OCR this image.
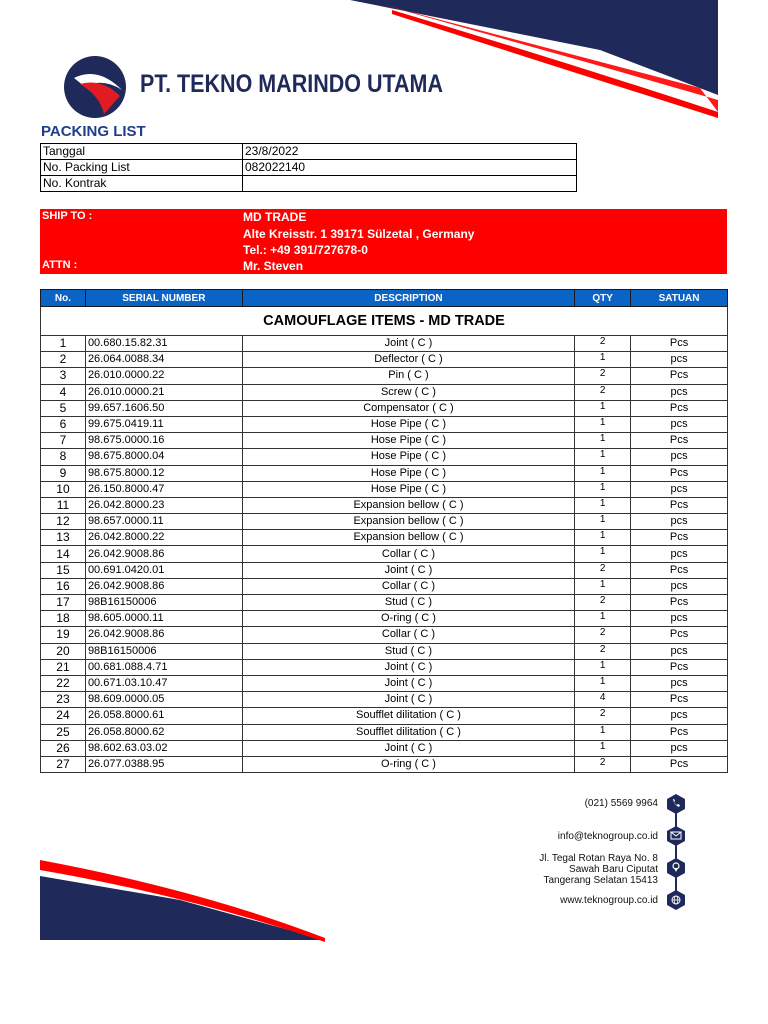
PT. TEKNO MARINDO UTAMA
PACKING LIST
Tanggal	23/8/2022
No. Packing List	082022140
No. Kontrak	
SHIP TO :	MD TRADE
Alte Kreisstr. 1 39171 Sülzetal , Germany
Tel.: +49 391/727678-0
ATTN :	Mr. Steven
No.	SERIAL NUMBER	DESCRIPTION	QTY	SATUAN
CAMOUFLAGE ITEMS - MD TRADE				
1	00.680.15.82.31	Joint ( C )	2	Pcs
2	26.064.0088.34	Deflector ( C )	1	pcs
3	26.010.0000.22	Pin ( C )	2	Pcs
4	26.010.0000.21	Screw ( C )	2	pcs
5	99.657.1606.50	Compensator ( C )	1	Pcs
6	99.675.0419.11	Hose Pipe ( C )	1	pcs
7	98.675.0000.16	Hose Pipe ( C )	1	Pcs
8	98.675.8000.04	Hose Pipe ( C )	1	pcs
9	98.675.8000.12	Hose Pipe ( C )	1	Pcs
10	26.150.8000.47	Hose Pipe ( C )	1	pcs
11	26.042.8000.23	Expansion bellow ( C )	1	Pcs
12	98.657.0000.11	Expansion bellow ( C )	1	pcs
13	26.042.8000.22	Expansion bellow ( C )	1	Pcs
14	26.042.9008.86	Collar ( C )	1	pcs
15	00.691.0420.01	Joint ( C )	2	Pcs
16	26.042.9008.86	Collar ( C )	1	pcs
17	98B16150006	Stud ( C )	2	Pcs
18	98.605.0000.11	O-ring ( C )	1	pcs
19	26.042.9008.86	Collar ( C )	2	Pcs
20	98B16150006	Stud ( C )	2	pcs
21	00.681.088.4.71	Joint ( C )	1	Pcs
22	00.671.03.10.47	Joint ( C )	1	pcs
23	98.609.0000.05	Joint ( C )	4	Pcs
24	26.058.8000.61	Soufflet dilitation ( C )	2	pcs
25	26.058.8000.62	Soufflet dilitation ( C )	1	Pcs
26	98.602.63.03.02	Joint ( C )	1	pcs
27	26.077.0388.95	O-ring ( C )	2	Pcs
(021) 5569 9964
info@teknogroup.co.id
Jl. Tegal Rotan Raya No. 8
Sawah Baru Ciputat
Tangerang Selatan 15413
www.teknogroup.co.id
